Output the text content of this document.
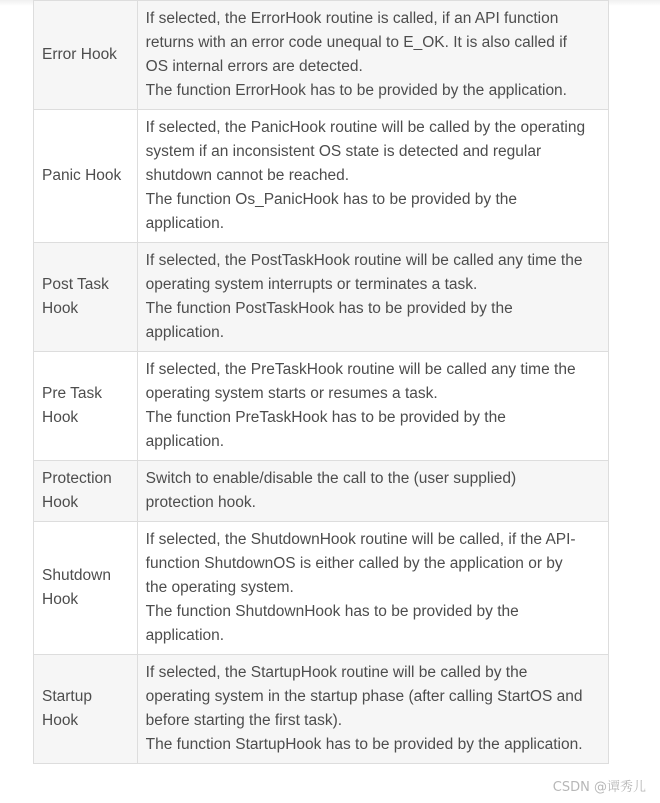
Error Hook	If selected, the ErrorHook routine is called, if an API function
returns with an error code unequal to E_OK. It is also called if
OS internal errors are detected.
The function ErrorHook has to be provided by the application.

Panic Hook	If selected, the PanicHook routine will be called by the operating
system if an inconsistent OS state is detected and regular
shutdown cannot be reached.
The function Os_PanicHook has to be provided by the
application.

Post Task
Hook	If selected, the PostTaskHook routine will be called any time the
operating system interrupts or terminates a task.
The function PostTaskHook has to be provided by the
application.

Pre Task
Hook	If selected, the PreTaskHook routine will be called any time the
operating system starts or resumes a task.
The function PreTaskHook has to be provided by the
application.

Protection
Hook	Switch to enable/disable the call to the (user supplied)
protection hook.

Shutdown
Hook	If selected, the ShutdownHook routine will be called, if the API-
function ShutdownOS is either called by the application or by
the operating system.
The function ShutdownHook has to be provided by the
application.

Startup
Hook	If selected, the StartupHook routine will be called by the
operating system in the startup phase (after calling StartOS and
before starting the first task).
The function StartupHook has to be provided by the application.
CSDN @谭秀儿
